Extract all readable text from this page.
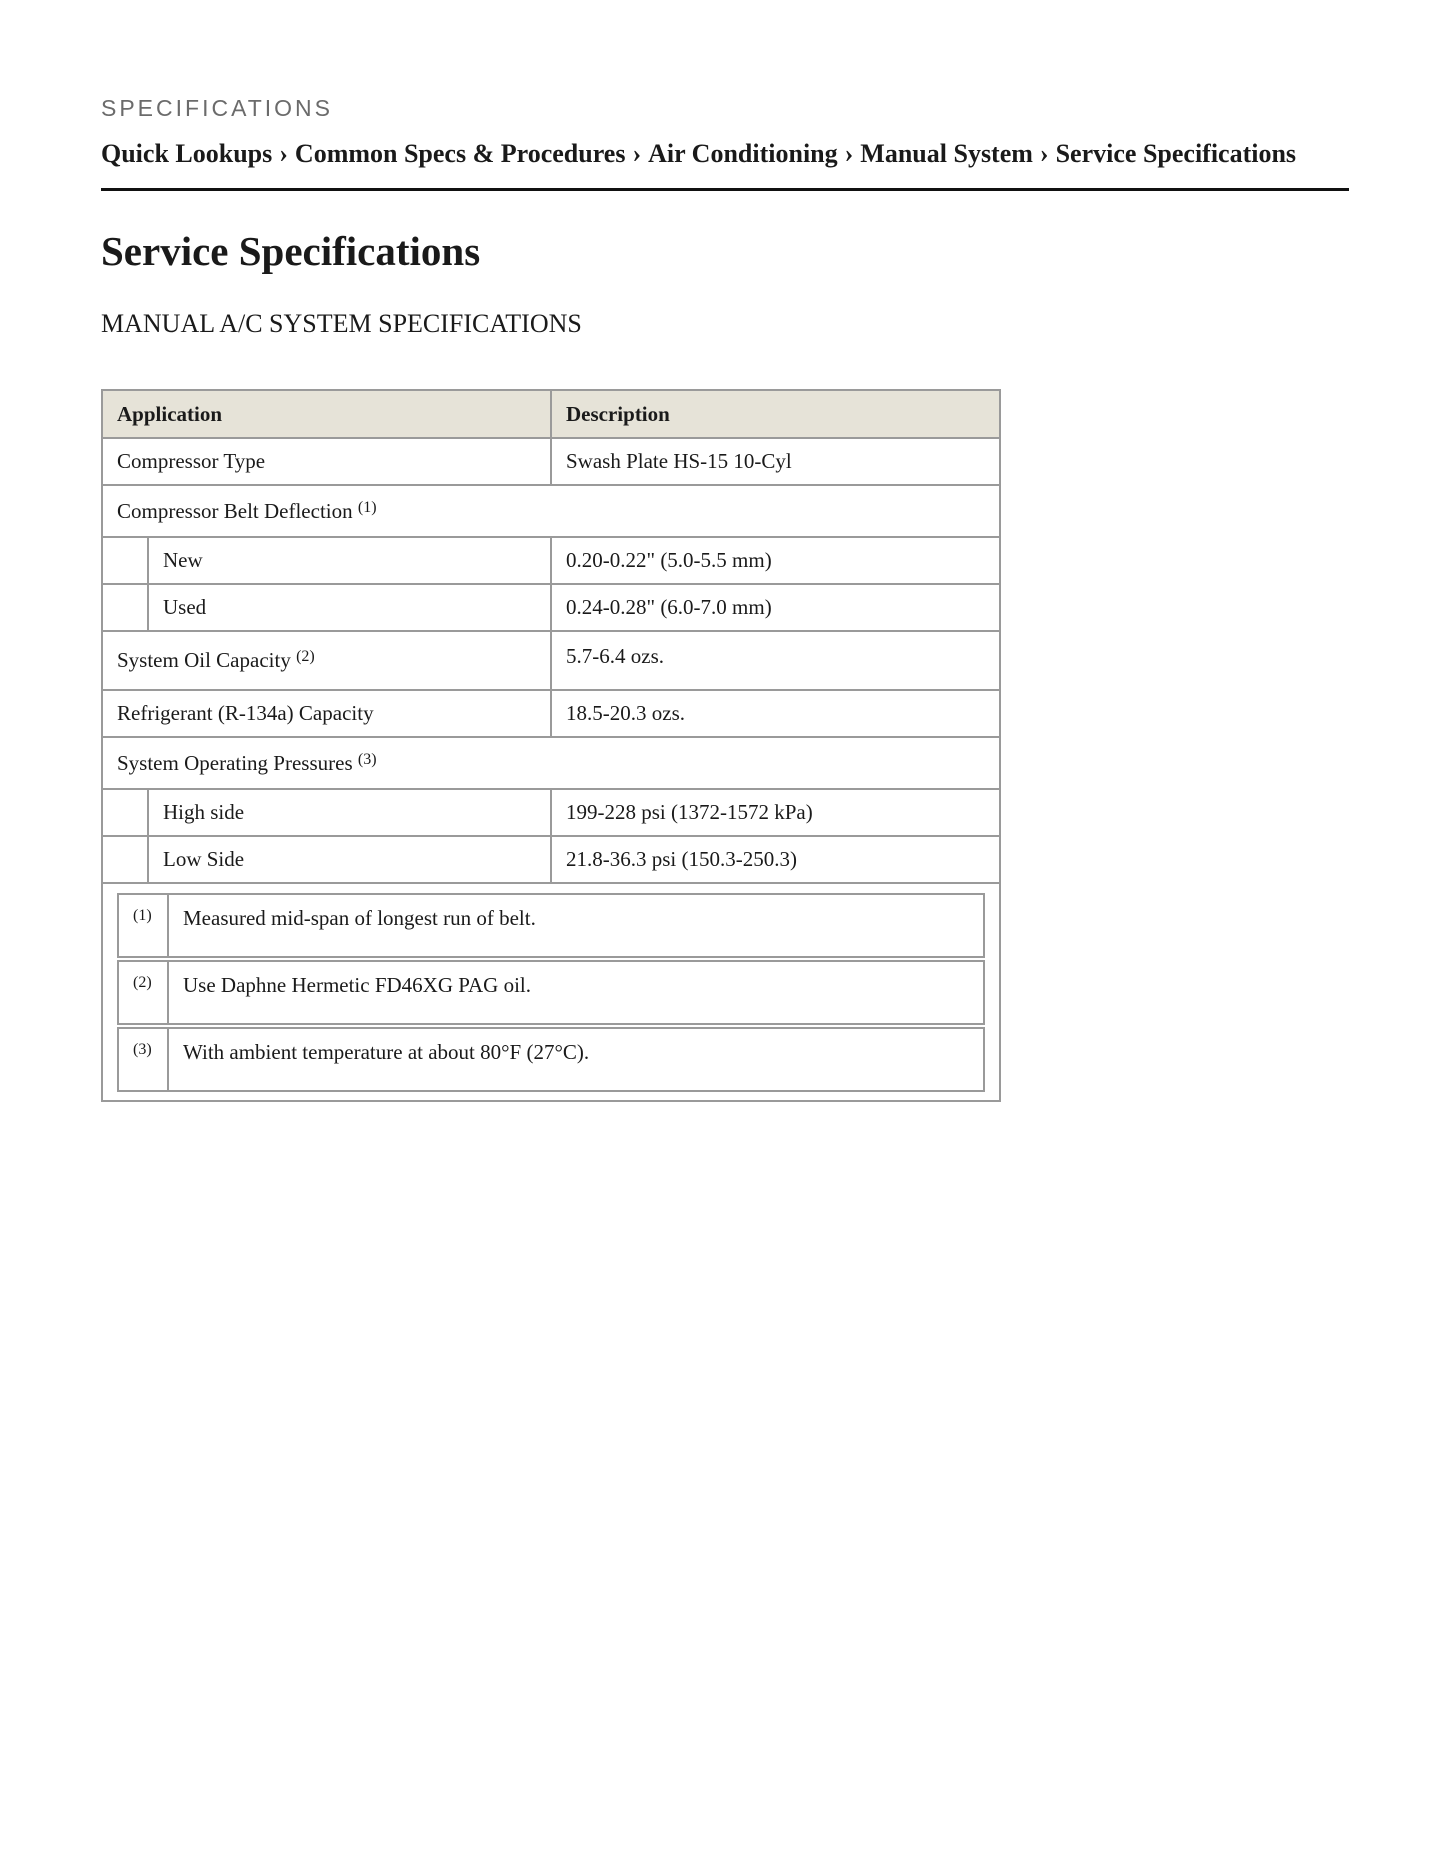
SPECIFICATIONS
Quick Lookups › Common Specs & Procedures › Air Conditioning › Manual System › Service Specifications
Service Specifications
MANUAL A/C SYSTEM SPECIFICATIONS
Application	Description
Compressor Type	Swash Plate HS-15 10-Cyl
Compressor Belt Deflection $^{(1)}$
	New	0.20-0.22" (5.0-5.5 mm)
	Used	0.24-0.28" (6.0-7.0 mm)
System Oil Capacity $^{(2)}$	5.7-6.4 ozs.
Refrigerant (R-134a) Capacity	18.5-20.3 ozs.
System Operating Pressures $^{(3)}$
	High side	199-228 psi (1372-1572 kPa)
	Low Side	21.8-36.3 psi (150.3-250.3)

(1)	Measured mid-span of longest run of belt.
(2)	Use Daphne Hermetic FD46XG PAG oil.
(3)	With ambient temperature at about 80°F (27°C).
